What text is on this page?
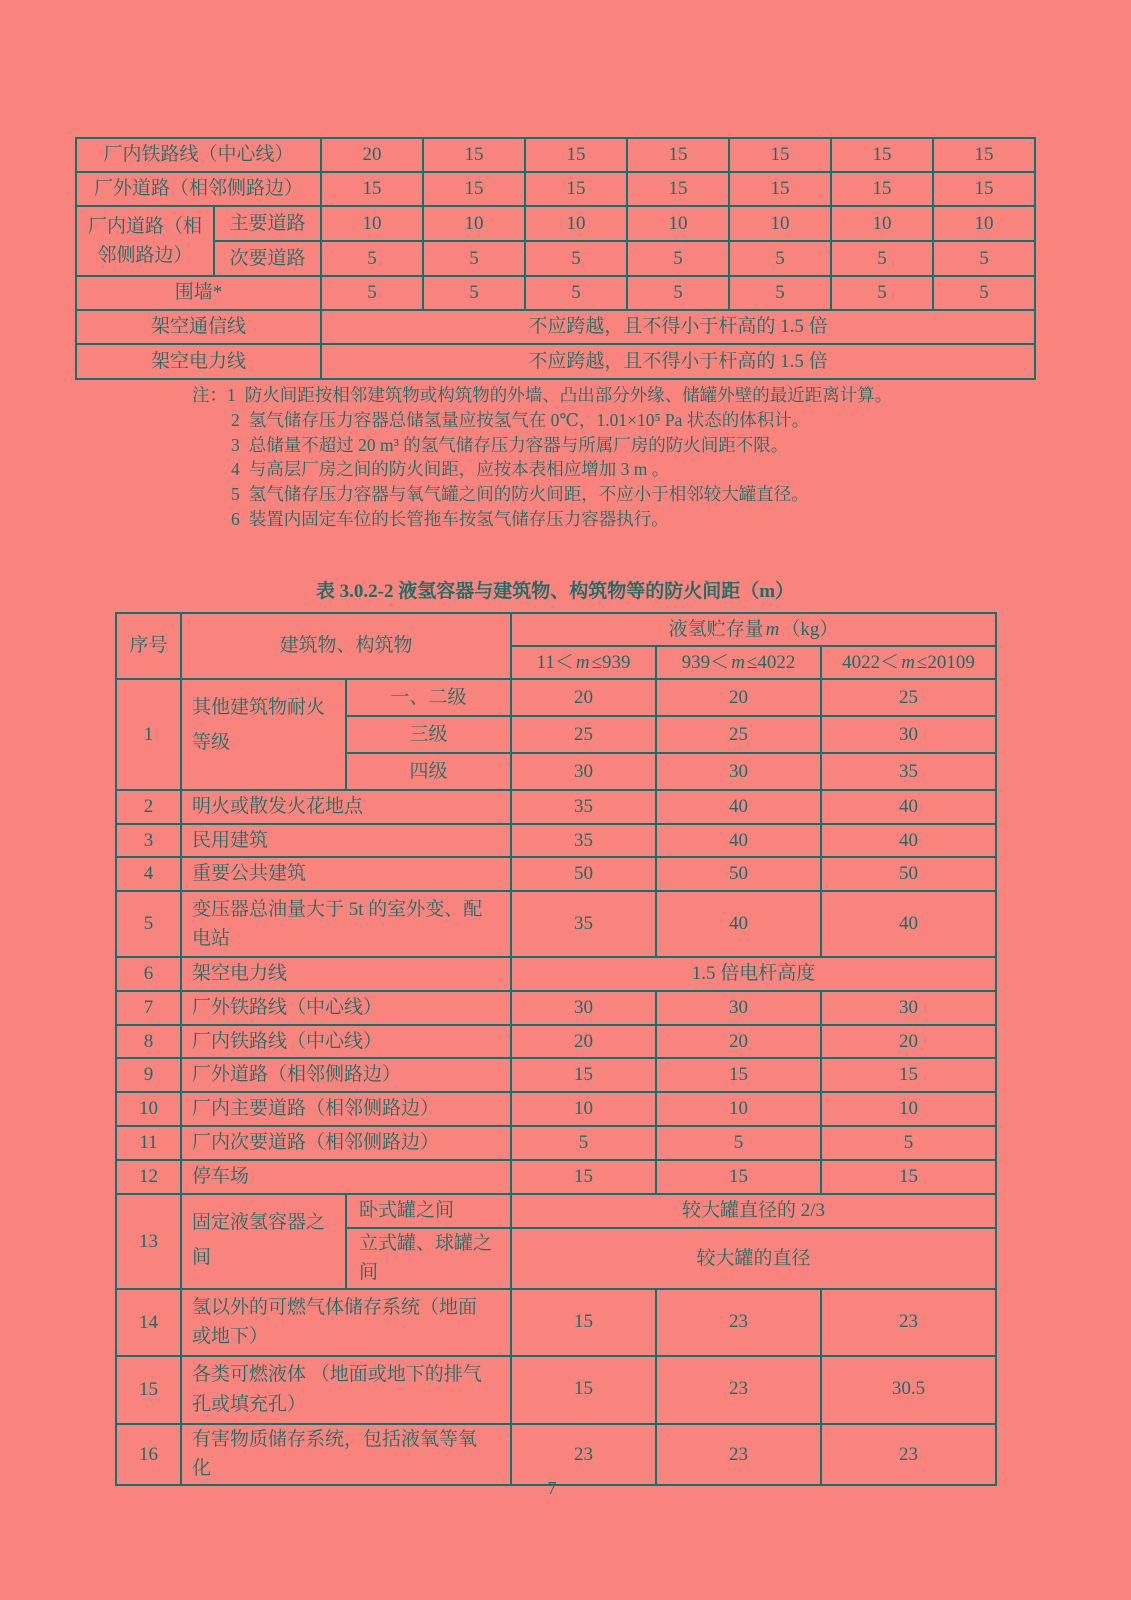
厂内铁路线（中心线）		20	15	15	15	15	15	15
厂外道路（相邻侧路边）		15	15	15	15	15	15	15
厂内道路（相邻侧路边）	主要道路	10	10	10	10	10	10	10
	次要道路	5	5	5	5	5	5	5
围墙*		5	5	5	5	5	5	5
架空通信线		不应跨越，且不得小于杆高的 1.5 倍						
架空电力线		不应跨越，且不得小于杆高的 1.5 倍						
注： 1 防火间距按相邻建筑物或构筑物的外墙、凸出部分外缘、储罐外壁的最近距离计算。
2 氢气储存压力容器总储氢量应按氢气在 0℃，1.01×10⁵ Pa 状态的体积计。
3 总储量不超过 20 m³ 的氢气储存压力容器与所属厂房的防火间距不限。
4 与高层厂房之间的防火间距，应按本表相应增加 3 m 。
5 氢气储存压力容器与氧气罐之间的防火间距，不应小于相邻较大罐直径。
6 装置内固定车位的长管拖车按氢气储存压力容器执行。
表 3.0.2-2 液氢容器与建筑物、构筑物等的防火间距（m）
序号	建筑物、构筑物		液氢贮存量 m （kg）		
			11＜ m ≤939	939＜ m ≤4022	4022＜ m ≤20109
1	其他建筑物耐火等级	一、二级	20	20	25
		三级	25	25	30
		四级	30	30	35
2	明火或散发火花地点		35	40	40
3	民用建筑		35	40	40
4	重要公共建筑		50	50	50
5	变压器总油量大于 5t 的室外变、配电站		35	40	40
6	架空电力线		1.5 倍电杆高度		
7	厂外铁路线（中心线）		30	30	30
8	厂内铁路线（中心线）		20	20	20
9	厂外道路（相邻侧路边）		15	15	15
10	厂内主要道路（相邻侧路边）		10	10	10
11	厂内次要道路（相邻侧路边）		5	5	5
12	停车场		15	15	15
13	固定液氢容器之间	卧式罐之间	较大罐直径的 2/3		
		立式罐、球罐之间	较大罐的直径		
14	氢以外的可燃气体储存系统（地面或地下）		15	23	23
15	各类可燃液体 （地面或地下的排气孔或填充孔）		15	23	30.5
16	有害物质储存系统，包括液氧等氧化		23	23	23
7
